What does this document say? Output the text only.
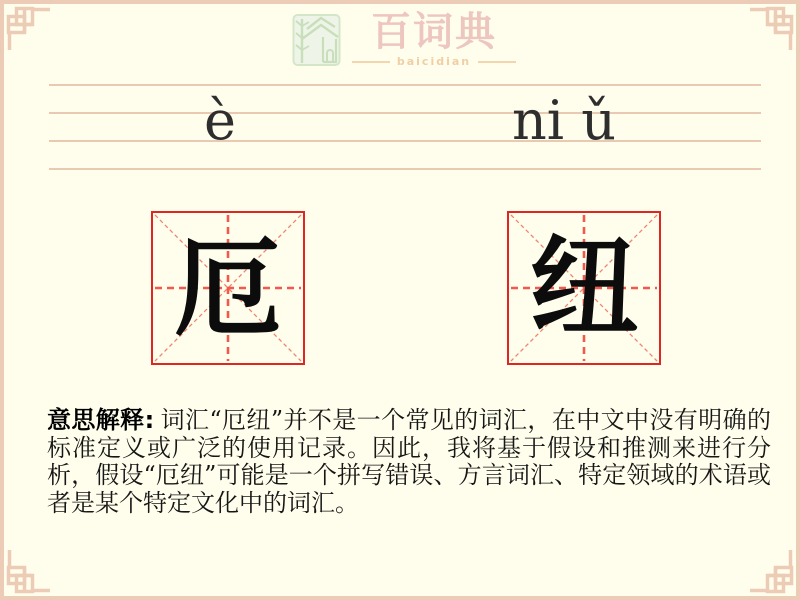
百词典
baicidian
è	ni ǔ
厄 纽

意思解释: 词汇“厄纽”并不是一个常见的词汇，在中文中没有明确的标准定义或广泛的使用记录。因此，我将基于假设和推测来进行分析，假设“厄纽”可能是一个拼写错误、方言词汇、特定领域的术语或者是某个特定文化中的词汇。
